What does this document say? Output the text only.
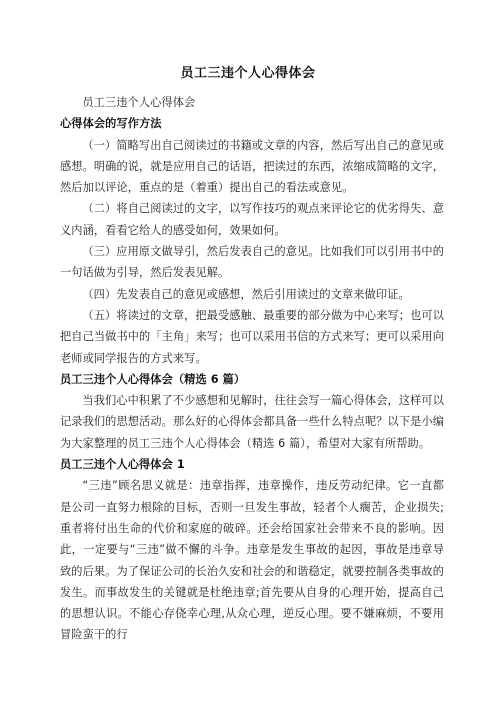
员工三违个人心得体会

员工三违个人心得体会

心得体会的写作方法

（一）简略写出自己阅读过的书籍或文章的内容，然后写出自己的意见或感想。明确的说，就是应用自己的话语，把读过的东西，浓缩成简略的文字，然后加以评论，重点的是（着重）提出自己的看法或意见。

（二）将自己阅读过的文字，以写作技巧的观点来评论它的优劣得失、意义内涵，看看它给人的感受如何，效果如何。

（三）应用原文做导引，然后发表自己的意见。比如我们可以引用书中的一句话做为引导，然后发表见解。

（四）先发表自己的意见或感想，然后引用读过的文章来做印证。

（五）将读过的文章，把最受感触、最重要的部分做为中心来写；也可以把自己当做书中的「主角」来写；也可以采用书信的方式来写；更可以采用向老师或同学报告的方式来写。

员工三违个人心得体会（精选 6 篇）

当我们心中积累了不少感想和见解时，往往会写一篇心得体会，这样可以记录我们的思想活动。那么好的心得体会都具备一些什么特点呢？以下是小编为大家整理的员工三违个人心得体会（精选 6 篇），希望对大家有所帮助。

员工三违个人心得体会 1

“三违”顾名思义就是：违章指挥，违章操作，违反劳动纪律。它一直都是公司一直努力根除的目标，否则一旦发生事故，轻者个人瘸苦，企业损失;重者将付出生命的代价和家庭的破碎。还会给国家社会带来不良的影响。因此，一定要与“三违”做不懈的斗争。违章是发生事故的起因，事故是违章导致的后果。为了保证公司的长治久安和社会的和谐稳定，就要控制各类事故的发生。而事故发生的关键就是杜绝违章;首先要从自身的心理开始，提高自己的思想认识。不能心存侥幸心理,从众心理，逆反心理。要不嫌麻烦，不要用冒险蛮干的行
